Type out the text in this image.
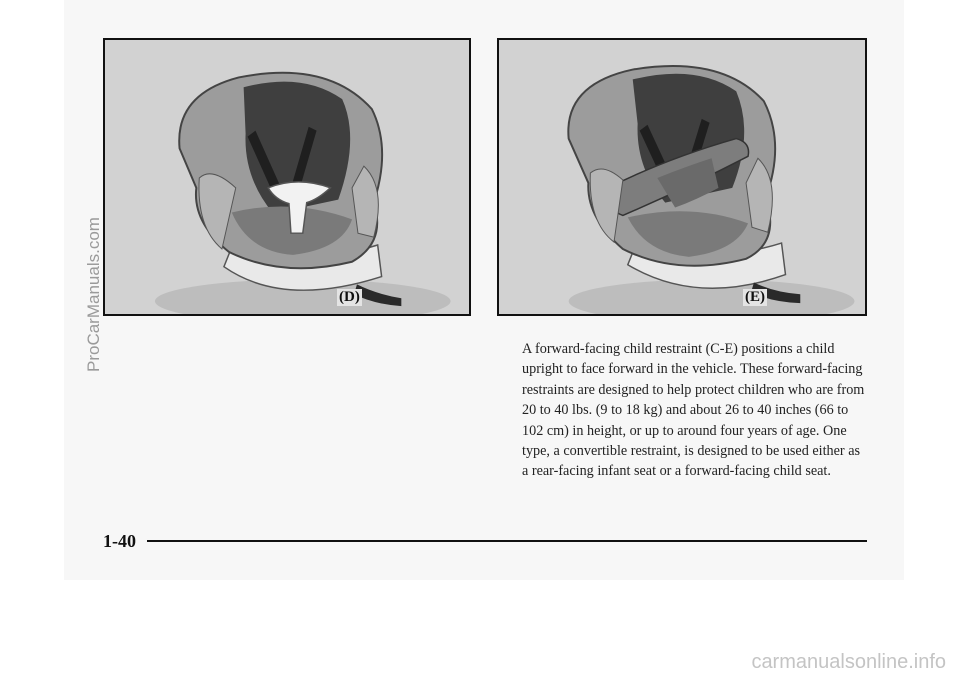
(D)	(E)

A forward-facing child restraint (C-E) positions a child upright to face forward in the vehicle. These forward-facing restraints are designed to help protect children who are from 20 to 40 lbs. (9 to 18 kg) and about 26 to 40 inches (66 to 102 cm) in height, or up to around four years of age. One type, a convertible restraint, is designed to be used either as a rear-facing infant seat or a forward-facing child seat.

1-40
ProCarManuals.com
carmanualsonline.info
